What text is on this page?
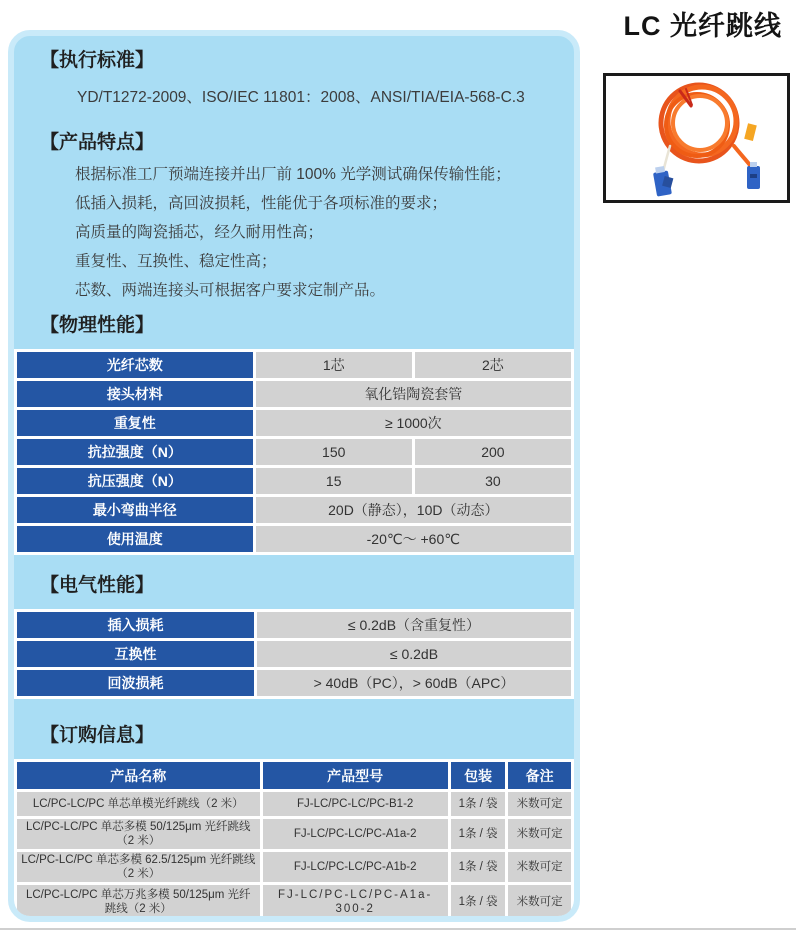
LC 光纤跳线
【执行标准】

YD/T1272-2009、ISO/IEC 11801：2008、ANSI/TIA/EIA-568-C.3

【产品特点】
根据标准工厂预端连接并出厂前 100% 光学测试确保传输性能；
低插入损耗，高回波损耗，性能优于各项标准的要求；
高质量的陶瓷插芯，经久耐用性高；
重复性、互换性、稳定性高；
芯数、两端连接头可根据客户要求定制产品。
【物理性能】
光纤芯数	1芯	2芯
接头材料	氧化锆陶瓷套管	
重复性	≥ 1000次	
抗拉强度（N）	150	200
抗压强度（N）	15	30
最小弯曲半径	20D（静态），10D（动态）	
使用温度	-20℃～ +60℃	
【电气性能】
插入损耗	≤ 0.2dB（含重复性）
互换性	≤ 0.2dB
回波损耗	> 40dB（PC），> 60dB（APC）
【订购信息】
产品名称	产品型号	包装	备注
LC/PC-LC/PC 单芯单模光纤跳线（2 米）	FJ-LC/PC-LC/PC-B1-2	1条 / 袋	米数可定
LC/PC-LC/PC 单芯多模 50/125μm 光纤跳线（2 米）	FJ-LC/PC-LC/PC-A1a-2	1条 / 袋	米数可定
LC/PC-LC/PC 单芯多模 62.5/125μm 光纤跳线（2 米）	FJ-LC/PC-LC/PC-A1b-2	1条 / 袋	米数可定
LC/PC-LC/PC 单芯万兆多模 50/125μm 光纤跳线（2 米）	FJ-LC/PC-LC/PC-A1a-300-2	1条 / 袋	米数可定
